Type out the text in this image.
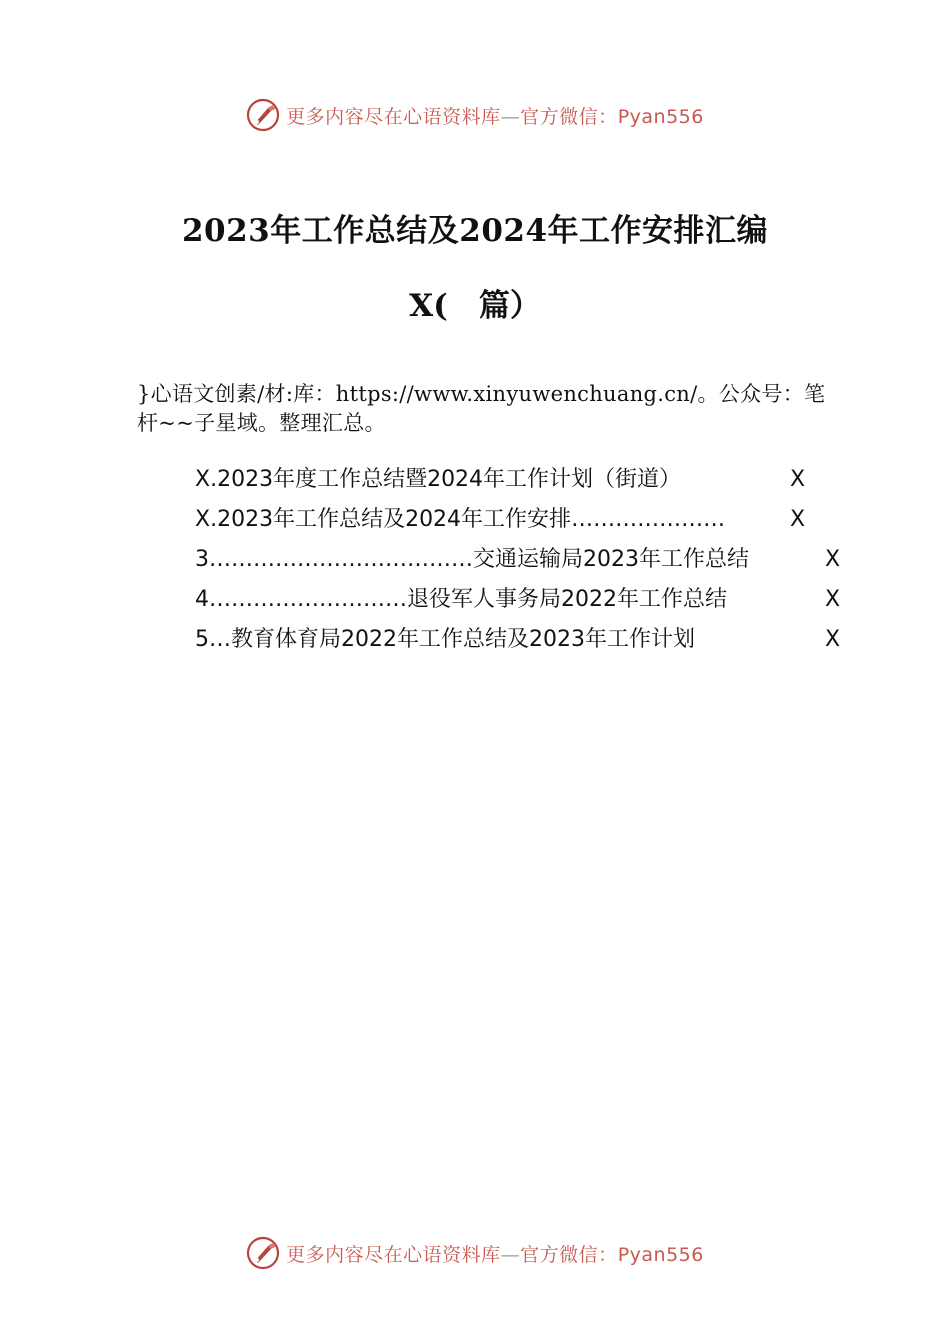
更多内容尽在心语资料库—官方微信：Pyan556
2023年工作总结及2024年工作安排汇编
X(　篇）
}心语文创素/材:库：https://www.xinyuwenchuang.cn/。公众号：笔杆~~子星域。整理汇总。
X.2023年度工作总结暨2024年工作计划（街道）	X
X.2023年工作总结及2024年工作安排…………………	X
3………………………………交通运输局2023年工作总结	X
4………………………退役军人事务局2022年工作总结	X
5…教育体育局2022年工作总结及2023年工作计划	X
更多内容尽在心语资料库—官方微信：Pyan556
